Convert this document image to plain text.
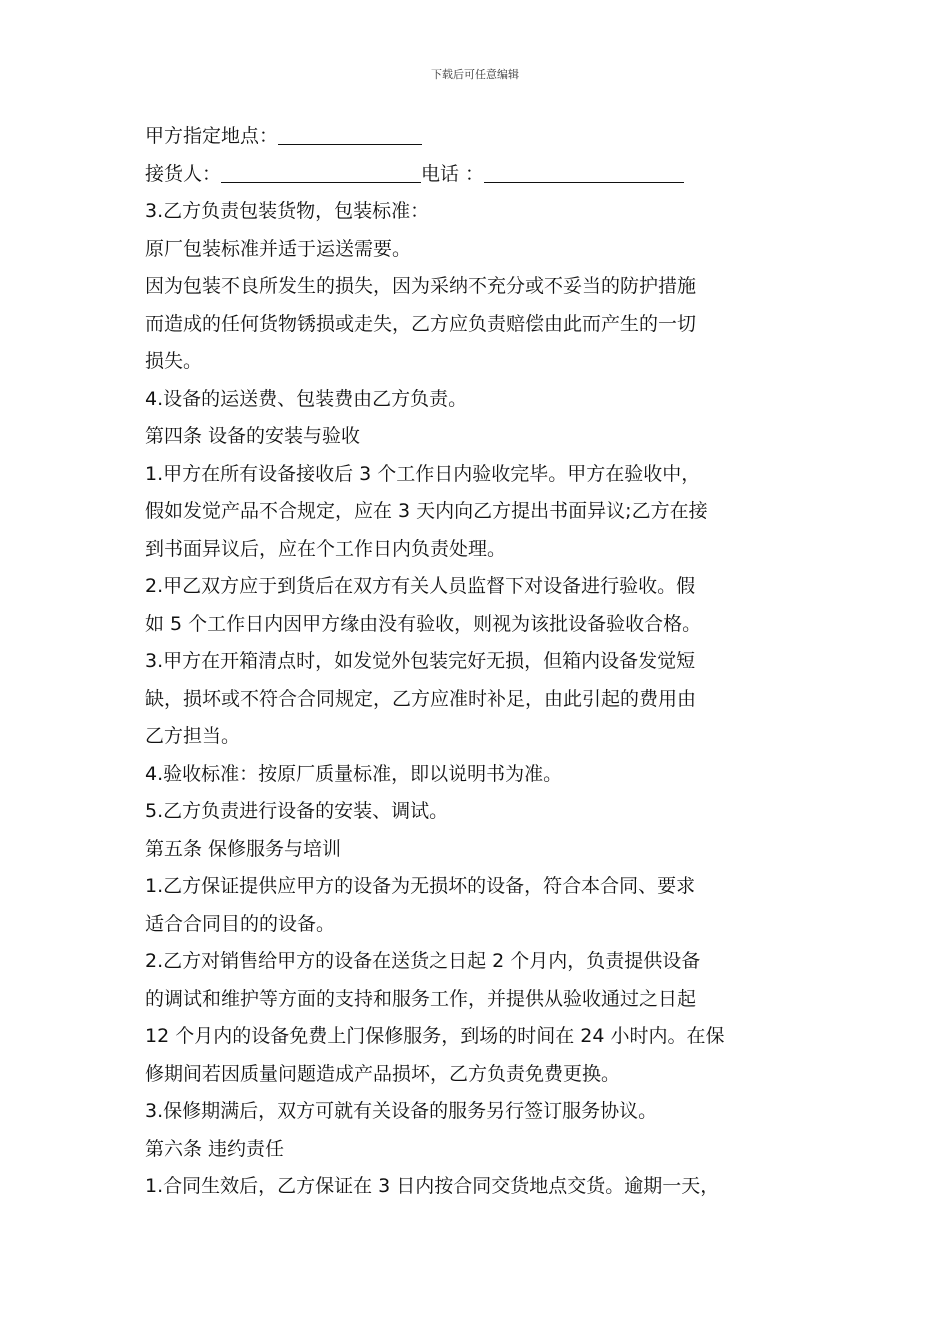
下载后可任意编辑
甲方指定地点：
接货人：	电话 ：
3.乙方负责包装货物，包装标准：
原厂包装标准并适于运送需要。
因为包装不良所发生的损失，因为采纳不充分或不妥当的防护措施
而造成的任何货物锈损或走失，乙方应负责赔偿由此而产生的一切
损失。
4.设备的运送费、包装费由乙方负责。
第四条 设备的安装与验收
1.甲方在所有设备接收后 3 个工作日内验收完毕。甲方在验收中，
假如发觉产品不合规定，应在 3 天内向乙方提出书面异议;乙方在接
到书面异议后，应在个工作日内负责处理。
2.甲乙双方应于到货后在双方有关人员监督下对设备进行验收。假
如 5 个工作日内因甲方缘由没有验收，则视为该批设备验收合格。
3.甲方在开箱清点时，如发觉外包装完好无损，但箱内设备发觉短
缺，损坏或不符合合同规定，乙方应准时补足，由此引起的费用由
乙方担当。
4.验收标准：按原厂质量标准，即以说明书为准。
5.乙方负责进行设备的安装、调试。
第五条 保修服务与培训
1.乙方保证提供应甲方的设备为无损坏的设备，符合本合同、要求
适合合同目的的设备。
2.乙方对销售给甲方的设备在送货之日起 2 个月内，负责提供设备
的调试和维护等方面的支持和服务工作，并提供从验收通过之日起
12 个月内的设备免费上门保修服务，到场的时间在 24 小时内。在保
修期间若因质量问题造成产品损坏，乙方负责免费更换。
3.保修期满后，双方可就有关设备的服务另行签订服务协议。
第六条 违约责任
1.合同生效后，乙方保证在 3 日内按合同交货地点交货。逾期一天，
